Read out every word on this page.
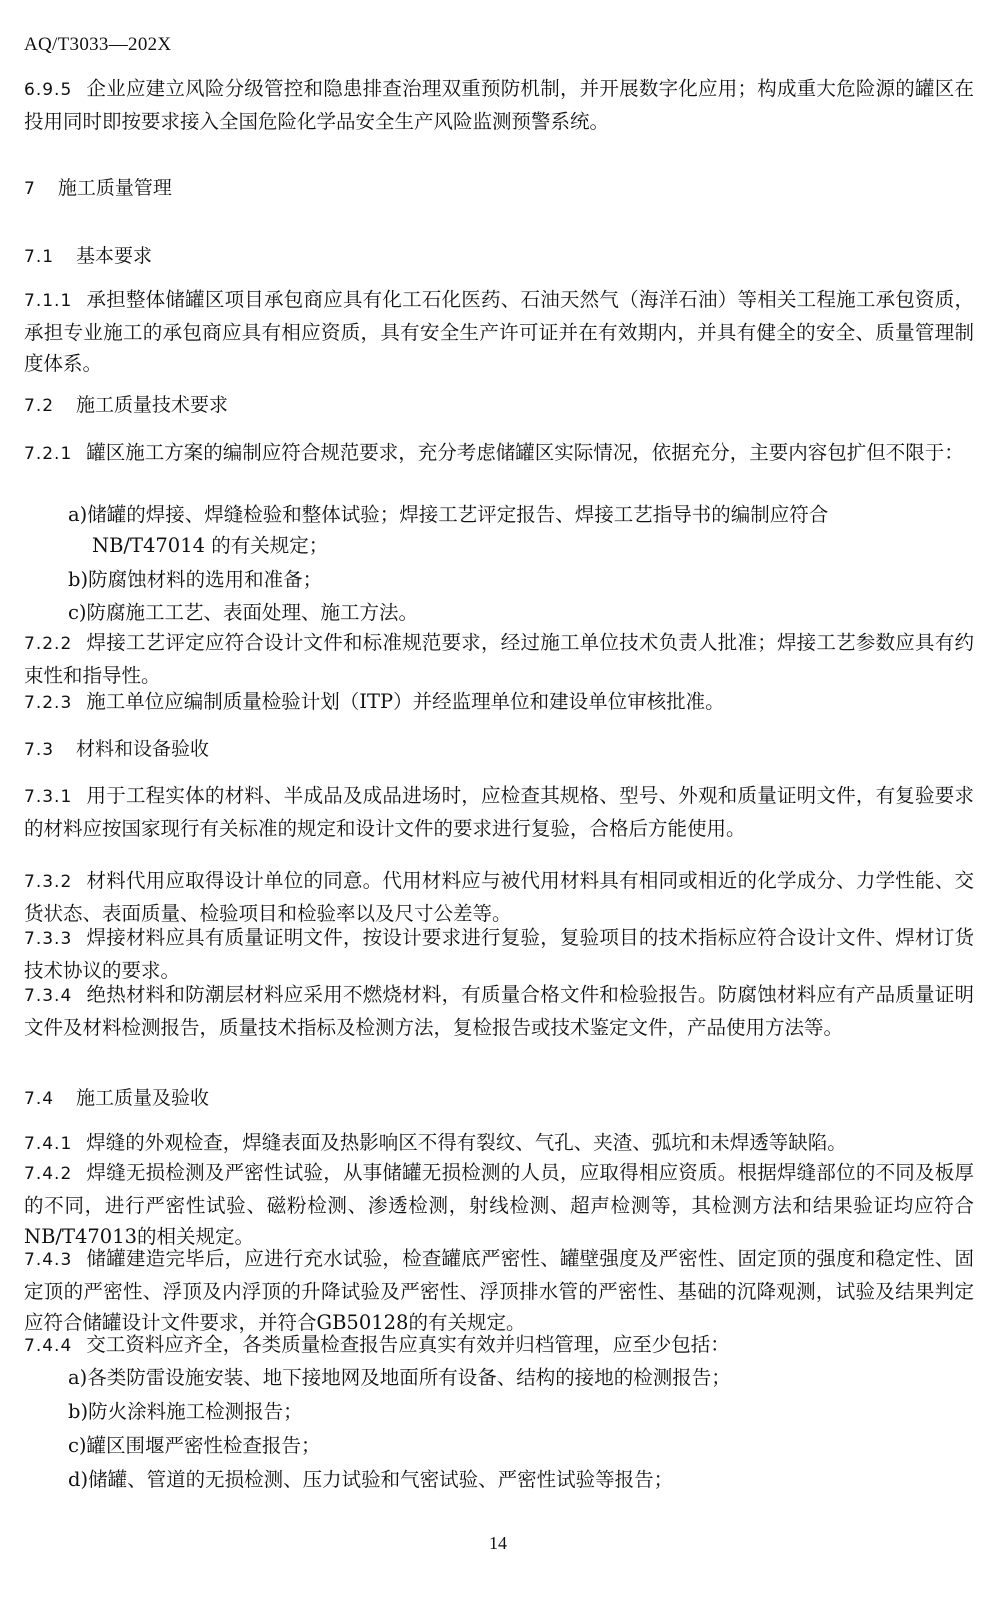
AQ/T3033—202X
6.9.5 企业应建立风险分级管控和隐患排查治理双重预防机制，并开展数字化应用；构成重大危险源的罐区在投用同时即按要求接入全国危险化学品安全生产风险监测预警系统。
7 施工质量管理
7.1 基本要求
7.1.1 承担整体储罐区项目承包商应具有化工石化医药、石油天然气（海洋石油）等相关工程施工承包资质，承担专业施工的承包商应具有相应资质，具有安全生产许可证并在有效期内，并具有健全的安全、质量管理制度体系。
7.2 施工质量技术要求
7.2.1 罐区施工方案的编制应符合规范要求，充分考虑储罐区实际情况，依据充分，主要内容包扩但不限于：
a)储罐的焊接、焊缝检验和整体试验；焊接工艺评定报告、焊接工艺指导书的编制应符合
NB/T47014 的有关规定；
b)防腐蚀材料的选用和准备；
c)防腐施工工艺、表面处理、施工方法。
7.2.2 焊接工艺评定应符合设计文件和标准规范要求，经过施工单位技术负责人批准；焊接工艺参数应具有约束性和指导性。
7.2.3 施工单位应编制质量检验计划（ITP）并经监理单位和建设单位审核批准。
7.3 材料和设备验收
7.3.1 用于工程实体的材料、半成品及成品进场时，应检查其规格、型号、外观和质量证明文件，有复验要求的材料应按国家现行有关标准的规定和设计文件的要求进行复验，合格后方能使用。
7.3.2 材料代用应取得设计单位的同意。代用材料应与被代用材料具有相同或相近的化学成分、力学性能、交货状态、表面质量、检验项目和检验率以及尺寸公差等。
7.3.3 焊接材料应具有质量证明文件，按设计要求进行复验，复验项目的技术指标应符合设计文件、焊材订货技术协议的要求。
7.3.4 绝热材料和防潮层材料应采用不燃烧材料，有质量合格文件和检验报告。防腐蚀材料应有产品质量证明文件及材料检测报告，质量技术指标及检测方法，复检报告或技术鉴定文件，产品使用方法等。
7.4 施工质量及验收
7.4.1 焊缝的外观检查，焊缝表面及热影响区不得有裂纹、气孔、夹渣、弧坑和未焊透等缺陷。
7.4.2 焊缝无损检测及严密性试验，从事储罐无损检测的人员，应取得相应资质。根据焊缝部位的不同及板厚的不同，进行严密性试验、磁粉检测、渗透检测，射线检测、超声检测等，其检测方法和结果验证均应符合NB/T47013的相关规定。
7.4.3 储罐建造完毕后，应进行充水试验，检查罐底严密性、罐壁强度及严密性、固定顶的强度和稳定性、固定顶的严密性、浮顶及内浮顶的升降试验及严密性、浮顶排水管的严密性、基础的沉降观测，试验及结果判定应符合储罐设计文件要求，并符合GB50128的有关规定。
7.4.4 交工资料应齐全，各类质量检查报告应真实有效并归档管理，应至少包括：
a)各类防雷设施安装、地下接地网及地面所有设备、结构的接地的检测报告；
b)防火涂料施工检测报告；
c)罐区围堰严密性检查报告；
d)储罐、管道的无损检测、压力试验和气密试验、严密性试验等报告；
14
